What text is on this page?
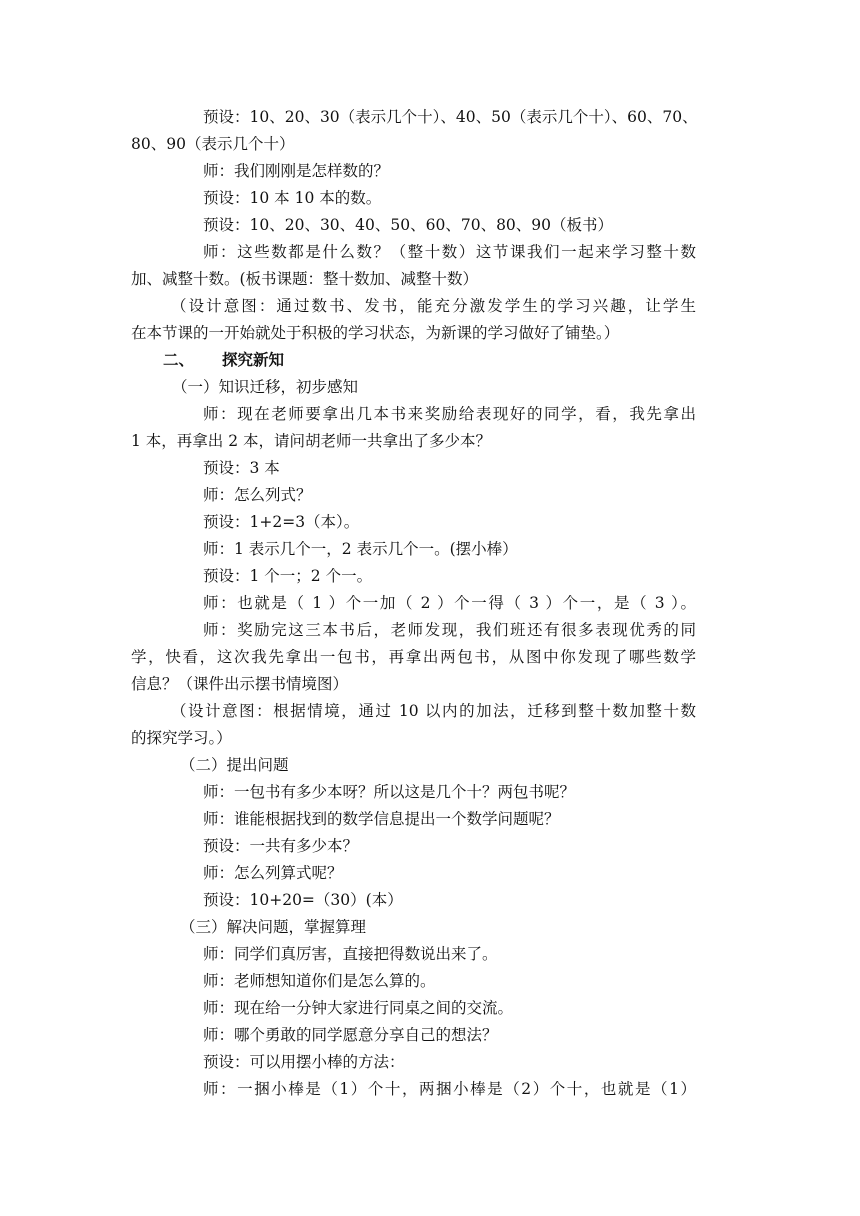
预设：10、20、30（表示几个十）、40、50（表示几个十）、60、70、
80、90（表示几个十）
师：我们刚刚是怎样数的？
预设：10 本 10 本的数。
预设：10、20、30、40、50、60、70、80、90（板书）
师：这些数都是什么数？（整十数）这节课我们一起来学习整十数
加、减整十数。(板书课题：整十数加、减整十数）
（设计意图：通过数书、发书，能充分激发学生的学习兴趣，让学生
在本节课的一开始就处于积极的学习状态，为新课的学习做好了铺垫。）
二、 探究新知
（一）知识迁移，初步感知
师：现在老师要拿出几本书来奖励给表现好的同学，看，我先拿出
1 本，再拿出 2 本，请问胡老师一共拿出了多少本？
预设：3 本
师：怎么列式？
预设：1+2=3（本）。
师：1 表示几个一，2 表示几个一。(摆小棒）
预设：1 个一；2 个一。
师：也就是（ 1 ）个一加（ 2 ）个一得（ 3 ）个一，是（ 3 ）。
师：奖励完这三本书后，老师发现，我们班还有很多表现优秀的同
学，快看，这次我先拿出一包书，再拿出两包书，从图中你发现了哪些数学
信息？（课件出示摆书情境图）
（设计意图：根据情境，通过 10 以内的加法，迁移到整十数加整十数
的探究学习。）
（二）提出问题
师：一包书有多少本呀？所以这是几个十？两包书呢？
师：谁能根据找到的数学信息提出一个数学问题呢？
预设：一共有多少本？
师：怎么列算式呢？
预设：10+20=（30）(本）
（三）解决问题，掌握算理
师：同学们真厉害，直接把得数说出来了。
师：老师想知道你们是怎么算的。
师：现在给一分钟大家进行同桌之间的交流。
师：哪个勇敢的同学愿意分享自己的想法？
预设：可以用摆小棒的方法：
师：一捆小棒是（1）个十，两捆小棒是（2）个十，也就是（1）
